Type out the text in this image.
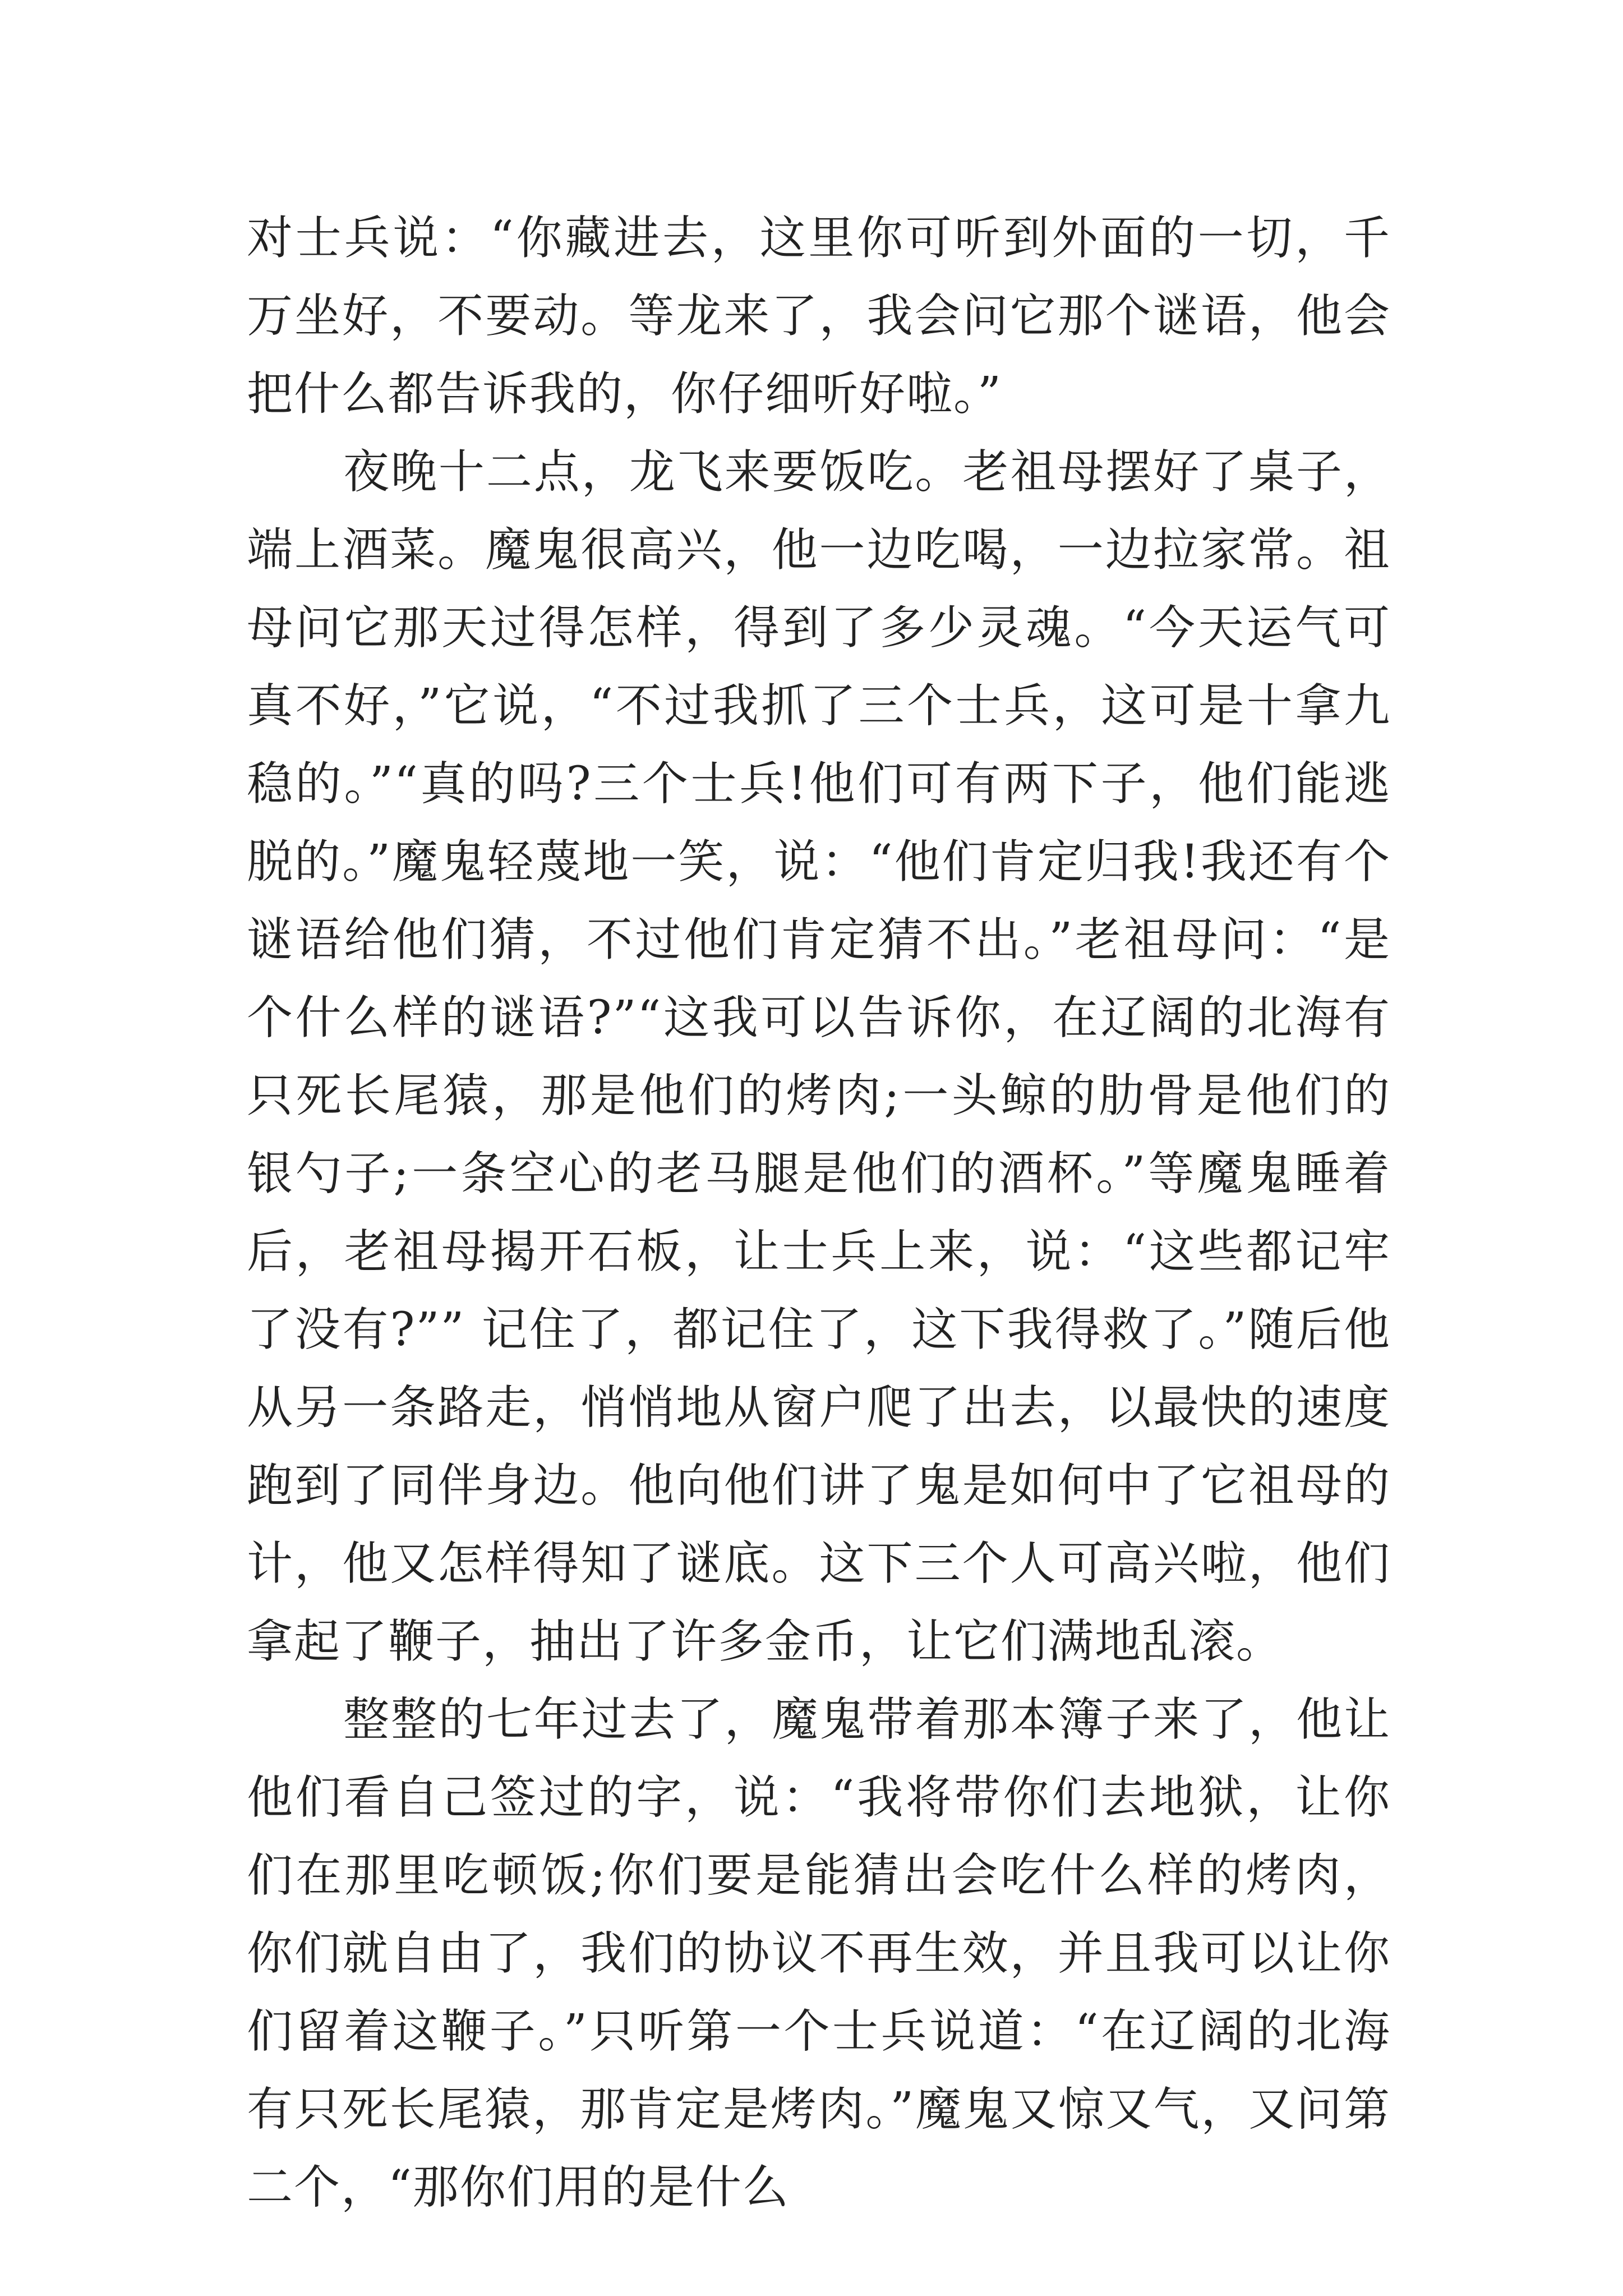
对士兵说：“你藏进去，这里你可听到外面的一切，千万坐好，不要动。等龙来了，我会问它那个谜语，他会把什么都告诉我的，你仔细听好啦。”

夜晚十二点，龙飞来要饭吃。老祖母摆好了桌子，端上酒菜。魔鬼很高兴，他一边吃喝，一边拉家常。祖母问它那天过得怎样，得到了多少灵魂。“今天运气可真不好，”它说，“不过我抓了三个士兵，这可是十拿九稳的。”“真的吗?三个士兵!他们可有两下子，他们能逃脱的。”魔鬼轻蔑地一笑，说：“他们肯定归我!我还有个谜语给他们猜，不过他们肯定猜不出。”老祖母问：“是个什么样的谜语?”“这我可以告诉你，在辽阔的北海有只死长尾猿，那是他们的烤肉;一头鲸的肋骨是他们的银勺子;一条空心的老马腿是他们的酒杯。”等魔鬼睡着后，老祖母揭开石板，让士兵上来，说：“这些都记牢了没有?”” 记住了，都记住了，这下我得救了。”随后他从另一条路走，悄悄地从窗户爬了出去，以最快的速度跑到了同伴身边。他向他们讲了鬼是如何中了它祖母的计，他又怎样得知了谜底。这下三个人可高兴啦，他们拿起了鞭子，抽出了许多金币，让它们满地乱滚。

整整的七年过去了，魔鬼带着那本簿子来了，他让他们看自己签过的字，说：“我将带你们去地狱，让你们在那里吃顿饭;你们要是能猜出会吃什么样的烤肉，你们就自由了，我们的协议不再生效，并且我可以让你们留着这鞭子。”只听第一个士兵说道：“在辽阔的北海有只死长尾猿，那肯定是烤肉。”魔鬼又惊又气，又问第二个，“那你们用的是什么
